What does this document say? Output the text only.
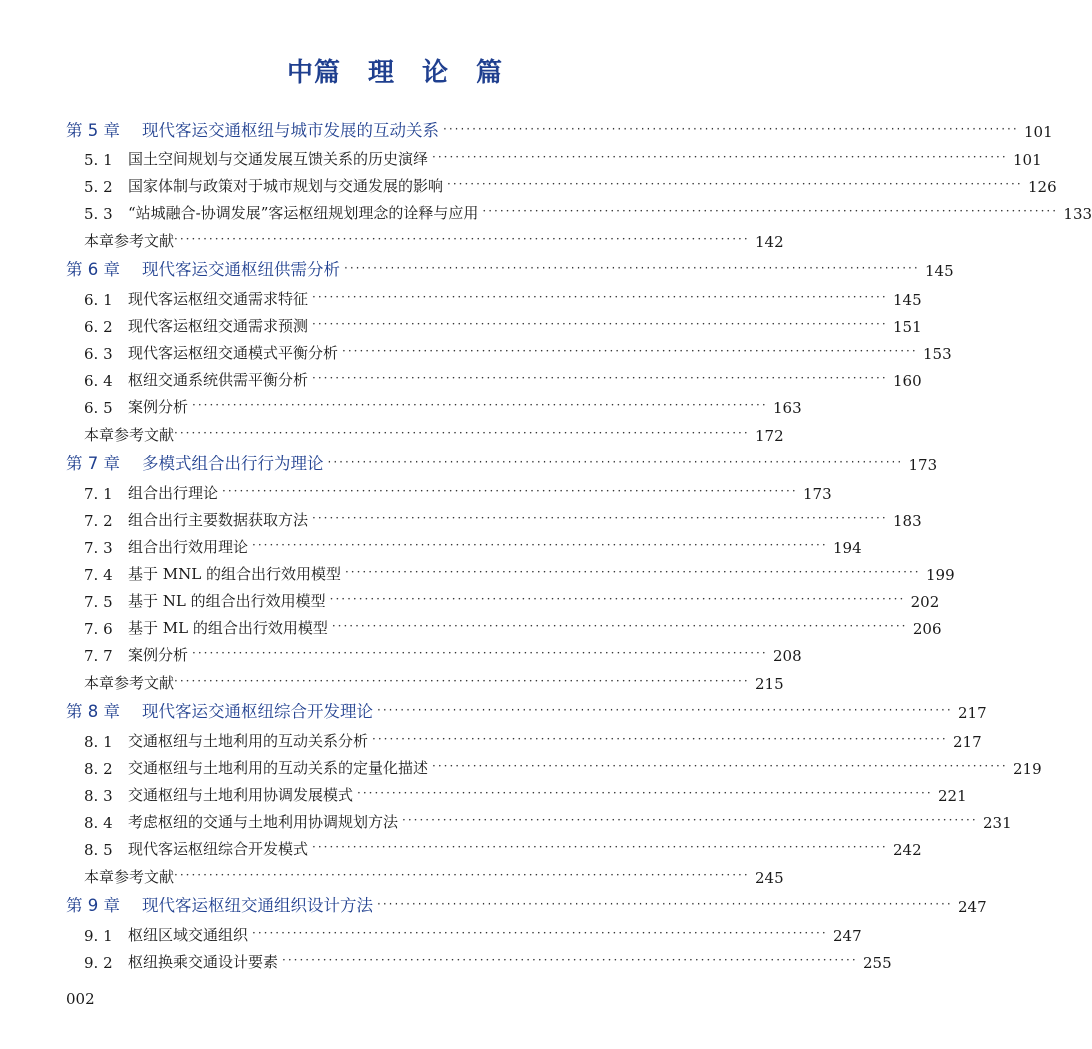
中篇　理　论　篇
第 5 章	现代客运交通枢纽与城市发展的互动关系 ··································································································· 101
5. 1	国土空间规划与交通发展互馈关系的历史演绎 ··································································································· 101
5. 2	国家体制与政策对于城市规划与交通发展的影响 ··································································································· 126
5. 3	“站城融合-协调发展”客运枢纽规划理念的诠释与应用 ··································································································· 133
本章参考文献 ··································································································· 142
第 6 章	现代客运交通枢纽供需分析 ··································································································· 145
6. 1	现代客运枢纽交通需求特征 ··································································································· 145
6. 2	现代客运枢纽交通需求预测 ··································································································· 151
6. 3	现代客运枢纽交通模式平衡分析 ··································································································· 153
6. 4	枢纽交通系统供需平衡分析 ··································································································· 160
6. 5	案例分析 ··································································································· 163
本章参考文献 ··································································································· 172
第 7 章	多模式组合出行行为理论 ··································································································· 173
7. 1	组合出行理论 ··································································································· 173
7. 2	组合出行主要数据获取方法 ··································································································· 183
7. 3	组合出行效用理论 ··································································································· 194
7. 4	基于 MNL 的组合出行效用模型 ··································································································· 199
7. 5	基于 NL 的组合出行效用模型 ··································································································· 202
7. 6	基于 ML 的组合出行效用模型 ··································································································· 206
7. 7	案例分析 ··································································································· 208
本章参考文献 ··································································································· 215
第 8 章	现代客运交通枢纽综合开发理论 ··································································································· 217
8. 1	交通枢纽与土地利用的互动关系分析 ··································································································· 217
8. 2	交通枢纽与土地利用的互动关系的定量化描述 ··································································································· 219
8. 3	交通枢纽与土地利用协调发展模式 ··································································································· 221
8. 4	考虑枢纽的交通与土地利用协调规划方法 ··································································································· 231
8. 5	现代客运枢纽综合开发模式 ··································································································· 242
本章参考文献 ··································································································· 245
第 9 章	现代客运枢纽交通组织设计方法 ··································································································· 247
9. 1	枢纽区域交通组织 ··································································································· 247
9. 2	枢纽换乘交通设计要素 ··································································································· 255
002
